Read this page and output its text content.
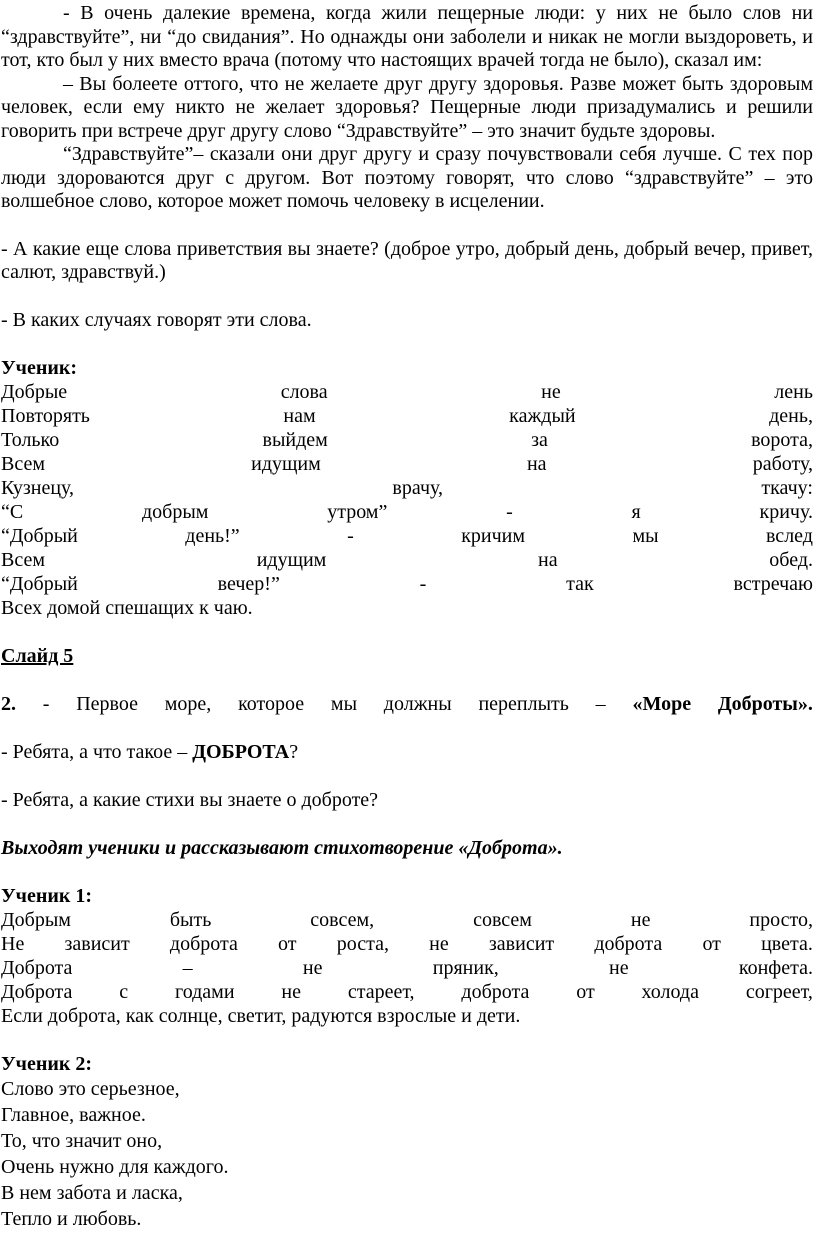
- В очень далекие времена, когда жили пещерные люди: у них не было слов ни “здравствуйте”, ни “до свидания”. Но однажды они заболели и никак не могли выздороветь, и тот, кто был у них вместо врача (потому что настоящих врачей тогда не было), сказал им:

– Вы болеете оттого, что не желаете друг другу здоровья. Разве может быть здоровым человек, если ему никто не желает здоровья? Пещерные люди призадумались и решили говорить при встрече друг другу слово “Здравствуйте” – это значит будьте здоровы.

“Здравствуйте”– сказали они друг другу и сразу почувствовали себя лучше. С тех пор люди здороваются друг с другом. Вот поэтому говорят, что слово “здравствуйте” – это волшебное слово, которое может помочь человеку в исцелении.

- А какие еще слова приветствия вы знаете? (доброе утро, добрый день, добрый вечер, привет, салют, здравствуй.)

- В каких случаях говорят эти слова.

Ученик:
Добрые	слова	не	лень
Повторять	нам	каждый	день,
Только	выйдем	за	ворота,
Всем	идущим	на	работу,
Кузнецу,	врачу,	ткачу:
“С	добрым	утром”	-	я	кричу.
“Добрый	день!”	-	кричим	мы	вслед
Всем	идущим	на	обед.
“Добрый	вечер!”	-	так	встречаю
Всех домой спешащих к чаю.
Слайд 5
2. - Первое море, которое мы должны переплыть – «Море Доброты».
- Ребята, а что такое – ДОБРОТА?
- Ребята, а какие стихи вы знаете о доброте?
Выходят ученики и рассказывают стихотворение «Доброта».
Ученик 1:
Добрым	быть	совсем,	совсем	не	просто,
Не зависит доброта от роста, не зависит доброта от цвета.
Доброта	–	не	пряник,	не	конфета.
Доброта с годами не стареет, доброта от холода согреет,
Если доброта, как солнце, светит, радуются взрослые и дети.
Ученик 2:
Слово это серьезное,
Главное, важное.
То, что значит оно,
Очень нужно для каждого.
В нем забота и ласка,
Тепло и любовь.
